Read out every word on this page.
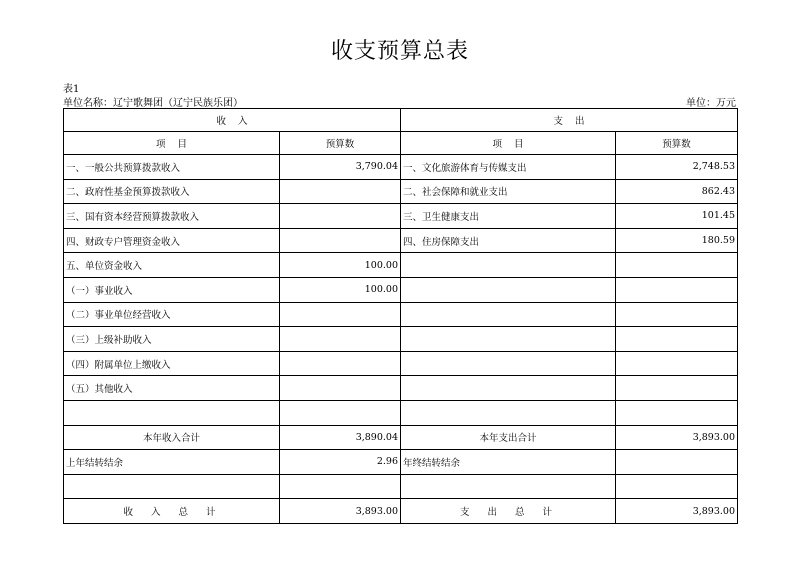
收支预算总表
表1
单位名称：辽宁歌舞团（辽宁民族乐团）	单位：万元
收    入		支    出	
项    目	预算数	项    目	预算数
一、一般公共预算拨款收入	3,790.04	一、文化旅游体育与传媒支出	2,748.53
二、政府性基金预算拨款收入		二、社会保障和就业支出	862.43
三、国有资本经营预算拨款收入		三、卫生健康支出	101.45
四、财政专户管理资金收入		四、住房保障支出	180.59
五、单位资金收入	100.00		
（一）事业收入	100.00		
（二）事业单位经营收入			
（三）上级补助收入			
（四）附属单位上缴收入			
（五）其他收入			

本年收入合计	3,890.04	本年支出合计	3,893.00
上年结转结余	2.96	年终结转结余	

收  入  总  计	3,893.00	支  出  总  计	3,893.00
